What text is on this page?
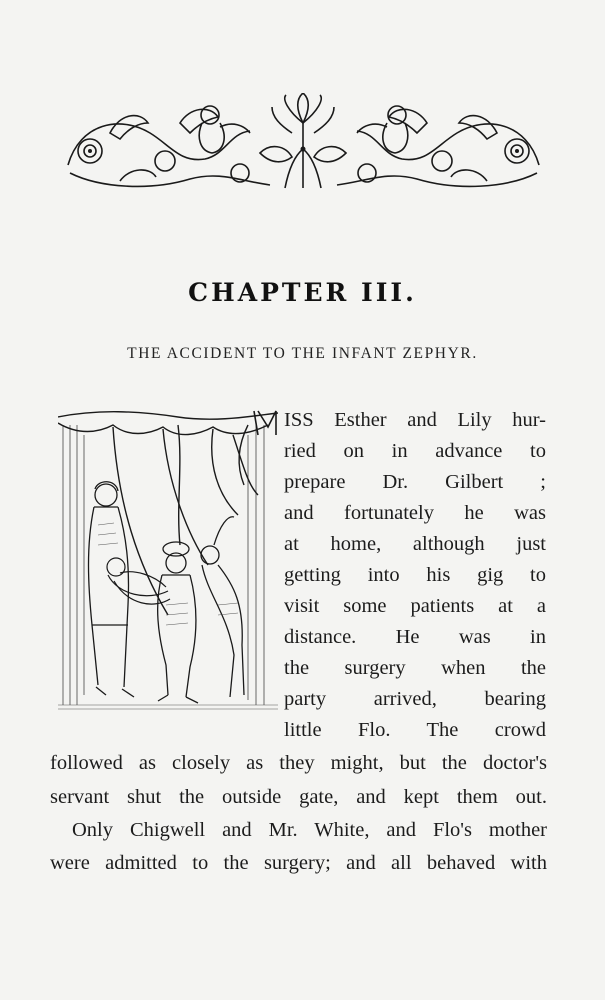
CHAPTER III.
THE ACCIDENT TO THE INFANT ZEPHYR.
ISS Esther and Lily hur-
ried on in advance to
prepare Dr. Gilbert ;
and fortunately he was
at home, although just
getting into his gig to
visit some patients at a
distance. He was in
the surgery when the
party arrived, bearing
little Flo. The crowd
followed as closely as they might, but the doctor's
servant shut the outside gate, and kept them out.
Only Chigwell and Mr. White, and Flo's mother
were admitted to the surgery; and all behaved with
